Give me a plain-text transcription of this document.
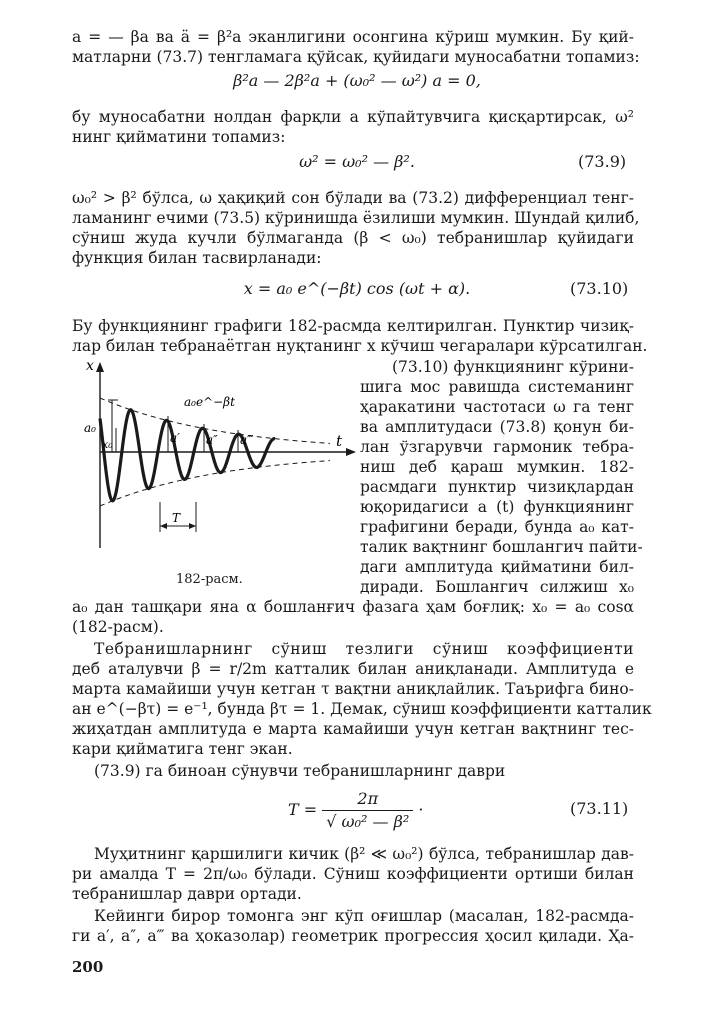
a = — βa ва ä = β²a эканлигини осонгина кўриш мумкин. Бу қий-
матларни (73.7) тенгламага қўйсак, қуйидаги муносабатни топамиз:
β²a — 2β²a + (ω₀² — ω²) a = 0,
бу муносабатни нолдан фарқли a кўпайтувчига қисқартирсак, ω²
нинг қийматини топамиз:
ω² = ω₀² — β².	(73.9)
ω₀² > β² бўлса, ω ҳақиқий сон бўлади ва (73.2) дифференциал тенг-
ламанинг ечими (73.5) кўринишда ёзилиши мумкин. Шундай қилиб,
сўниш жуда кучли бўлмаганда (β < ω₀) тебранишлар қуйидаги
функция билан тасвирланади:
x = a₀ e^(−βt) cos (ωt + α).	(73.10)
Бу функциянинг графиги 182-расмда келтирилган. Пунктир чизиқ-
лар билан тебранаётган нуқтанинг x кўчиш чегаралари кўрсатилган.
x
t
a₀e^−βt
a₀
x₀	a′ a″ a‴
T
182-расм.
(73.10) функциянинг кўрини-
шига мос равишда системанинг
ҳаракатини частотаси ω га тенг
ва амплитудаси (73.8) қонун би-
лан ўзгарувчи гармоник тебра-
ниш деб қараш мумкин. 182-
расмдаги пунктир чизиқлардан
юқоридагиси a (t) функциянинг
графигини беради, бунда a₀ кат-
талик вақтнинг бошлангич пайти-
даги амплитуда қийматини бил-
диради. Бошлангич силжиш x₀
a₀ дан ташқари яна α бошланғич фазага ҳам боғлиқ: x₀ = a₀ cosα
(182-расм).
Тебранишларнинг сўниш тезлиги сўниш коэффициенти
деб аталувчи β = r/2m катталик билан аниқланади. Амплитуда e
марта камайиши учун кетган τ вақтни аниқлайлик. Таърифга бино-
ан e^(−βτ) = e⁻¹, бунда βτ = 1. Демак, сўниш коэффициенти катталик
жиҳатдан амплитуда e марта камайиши учун кетган вақтнинг тес-
кари қийматига тенг экан.
(73.9) га биноан сўнувчи тебранишларнинг даври
$T = \frac{2\pi}{\text{√ ω₀² — β²}}$ ·	(73.11)
Муҳитнинг қаршилиги кичик (β² ≪ ω₀²) бўлса, тебранишлар дав-
ри амалда T = 2π/ω₀ бўлади. Сўниш коэффициенти ортиши билан
тебранишлар даври ортади.
Кейинги бирор томонга энг кўп оғишлар (масалан, 182-расмда-
ги a′, a″, a‴ ва ҳоказолар) геометрик прогрессия ҳосил қилади. Ҳа-
200
